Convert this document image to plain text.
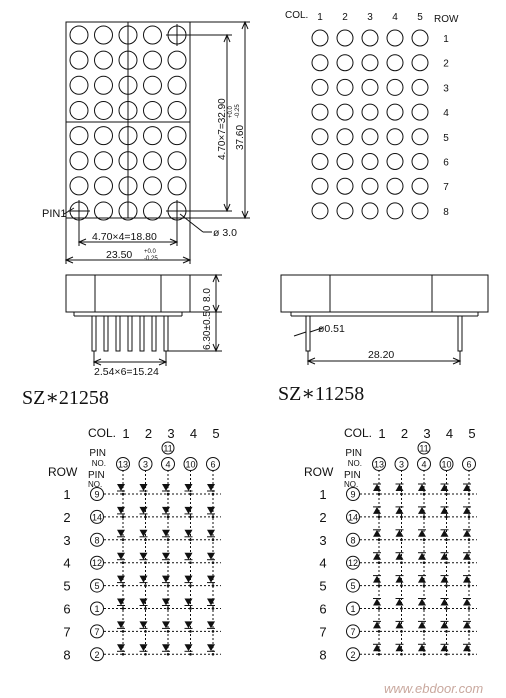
COL. 1 2 3 4 5
11
PIN
NO. 13 3 4 10 6
ROW PIN
NO.
1
2
3
4
5
6
7
8
9
14
8
12
5
1
7
2
COL. 1 2 3 4 5
11
PIN
NO. 13 3 4 10 6
ROW PIN
NO.
1
2
3
4
5
6
7
8
9
14
8
12
5
1
7
2
PIN1
4.70×7=32.90 37.60
+0.0 -0.25
4.70×4=18.80
23.50 +0.0
-0.25
ø 3.0
COL.	ROW
1 2 3 4 5
1
2
3
4
5
6
7
8
8.0
6.30±0.50
2.54×6=15.24
ø0.51
28.20
SZ∗21258	SZ∗11258
www.ebdoor.com
